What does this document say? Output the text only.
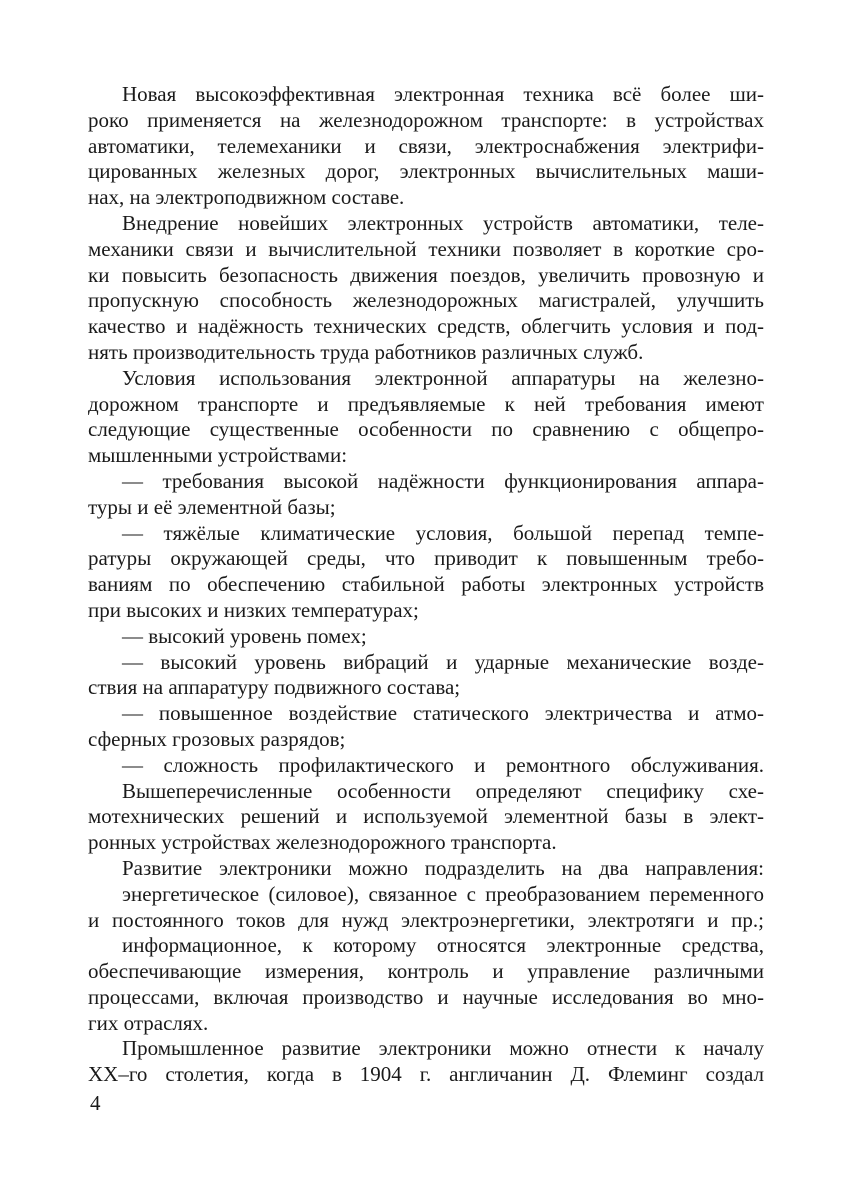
Новая высокоэффективная электронная техника всё более ши-
роко применяется на железнодорожном транспорте: в устройствах
автоматики, телемеханики и связи, электроснабжения электрифи-
цированных железных дорог, электронных вычислительных маши-
нах, на электроподвижном составе.
Внедрение новейших электронных устройств автоматики, теле-
механики связи и вычислительной техники позволяет в короткие сро-
ки повысить безопасность движения поездов, увеличить провозную и
пропускную способность железнодорожных магистралей, улучшить
качество и надёжность технических средств, облегчить условия и под-
нять производительность труда работников различных служб.
Условия использования электронной аппаратуры на железно-
дорожном транспорте и предъявляемые к ней требования имеют
следующие существенные особенности по сравнению с общепро-
мышленными устройствами:
— требования высокой надёжности функционирования аппара-
туры и её элементной базы;
— тяжёлые климатические условия, большой перепад темпе-
ратуры окружающей среды, что приводит к повышенным требо-
ваниям по обеспечению стабильной работы электронных устройств
при высоких и низких температурах;
— высокий уровень помех;
— высокий уровень вибраций и ударные механические возде-
ствия на аппаратуру подвижного состава;
— повышенное воздействие статического электричества и атмо-
сферных грозовых разрядов;
— сложность профилактического и ремонтного обслуживания.
Вышеперечисленные особенности определяют специфику схе-
мотехнических решений и используемой элементной базы в элект-
ронных устройствах железнодорожного транспорта.
Развитие электроники можно подразделить на два направления:
энергетическое (силовое), связанное с преобразованием переменного
и постоянного токов для нужд электроэнергетики, электротяги и пр.;
информационное, к которому относятся электронные средства,
обеспечивающие измерения, контроль и управление различными
процессами, включая производство и научные исследования во мно-
гих отраслях.
Промышленное развитие электроники можно отнести к началу
XX–го столетия, когда в 1904 г. англичанин Д. Флеминг создал
4
